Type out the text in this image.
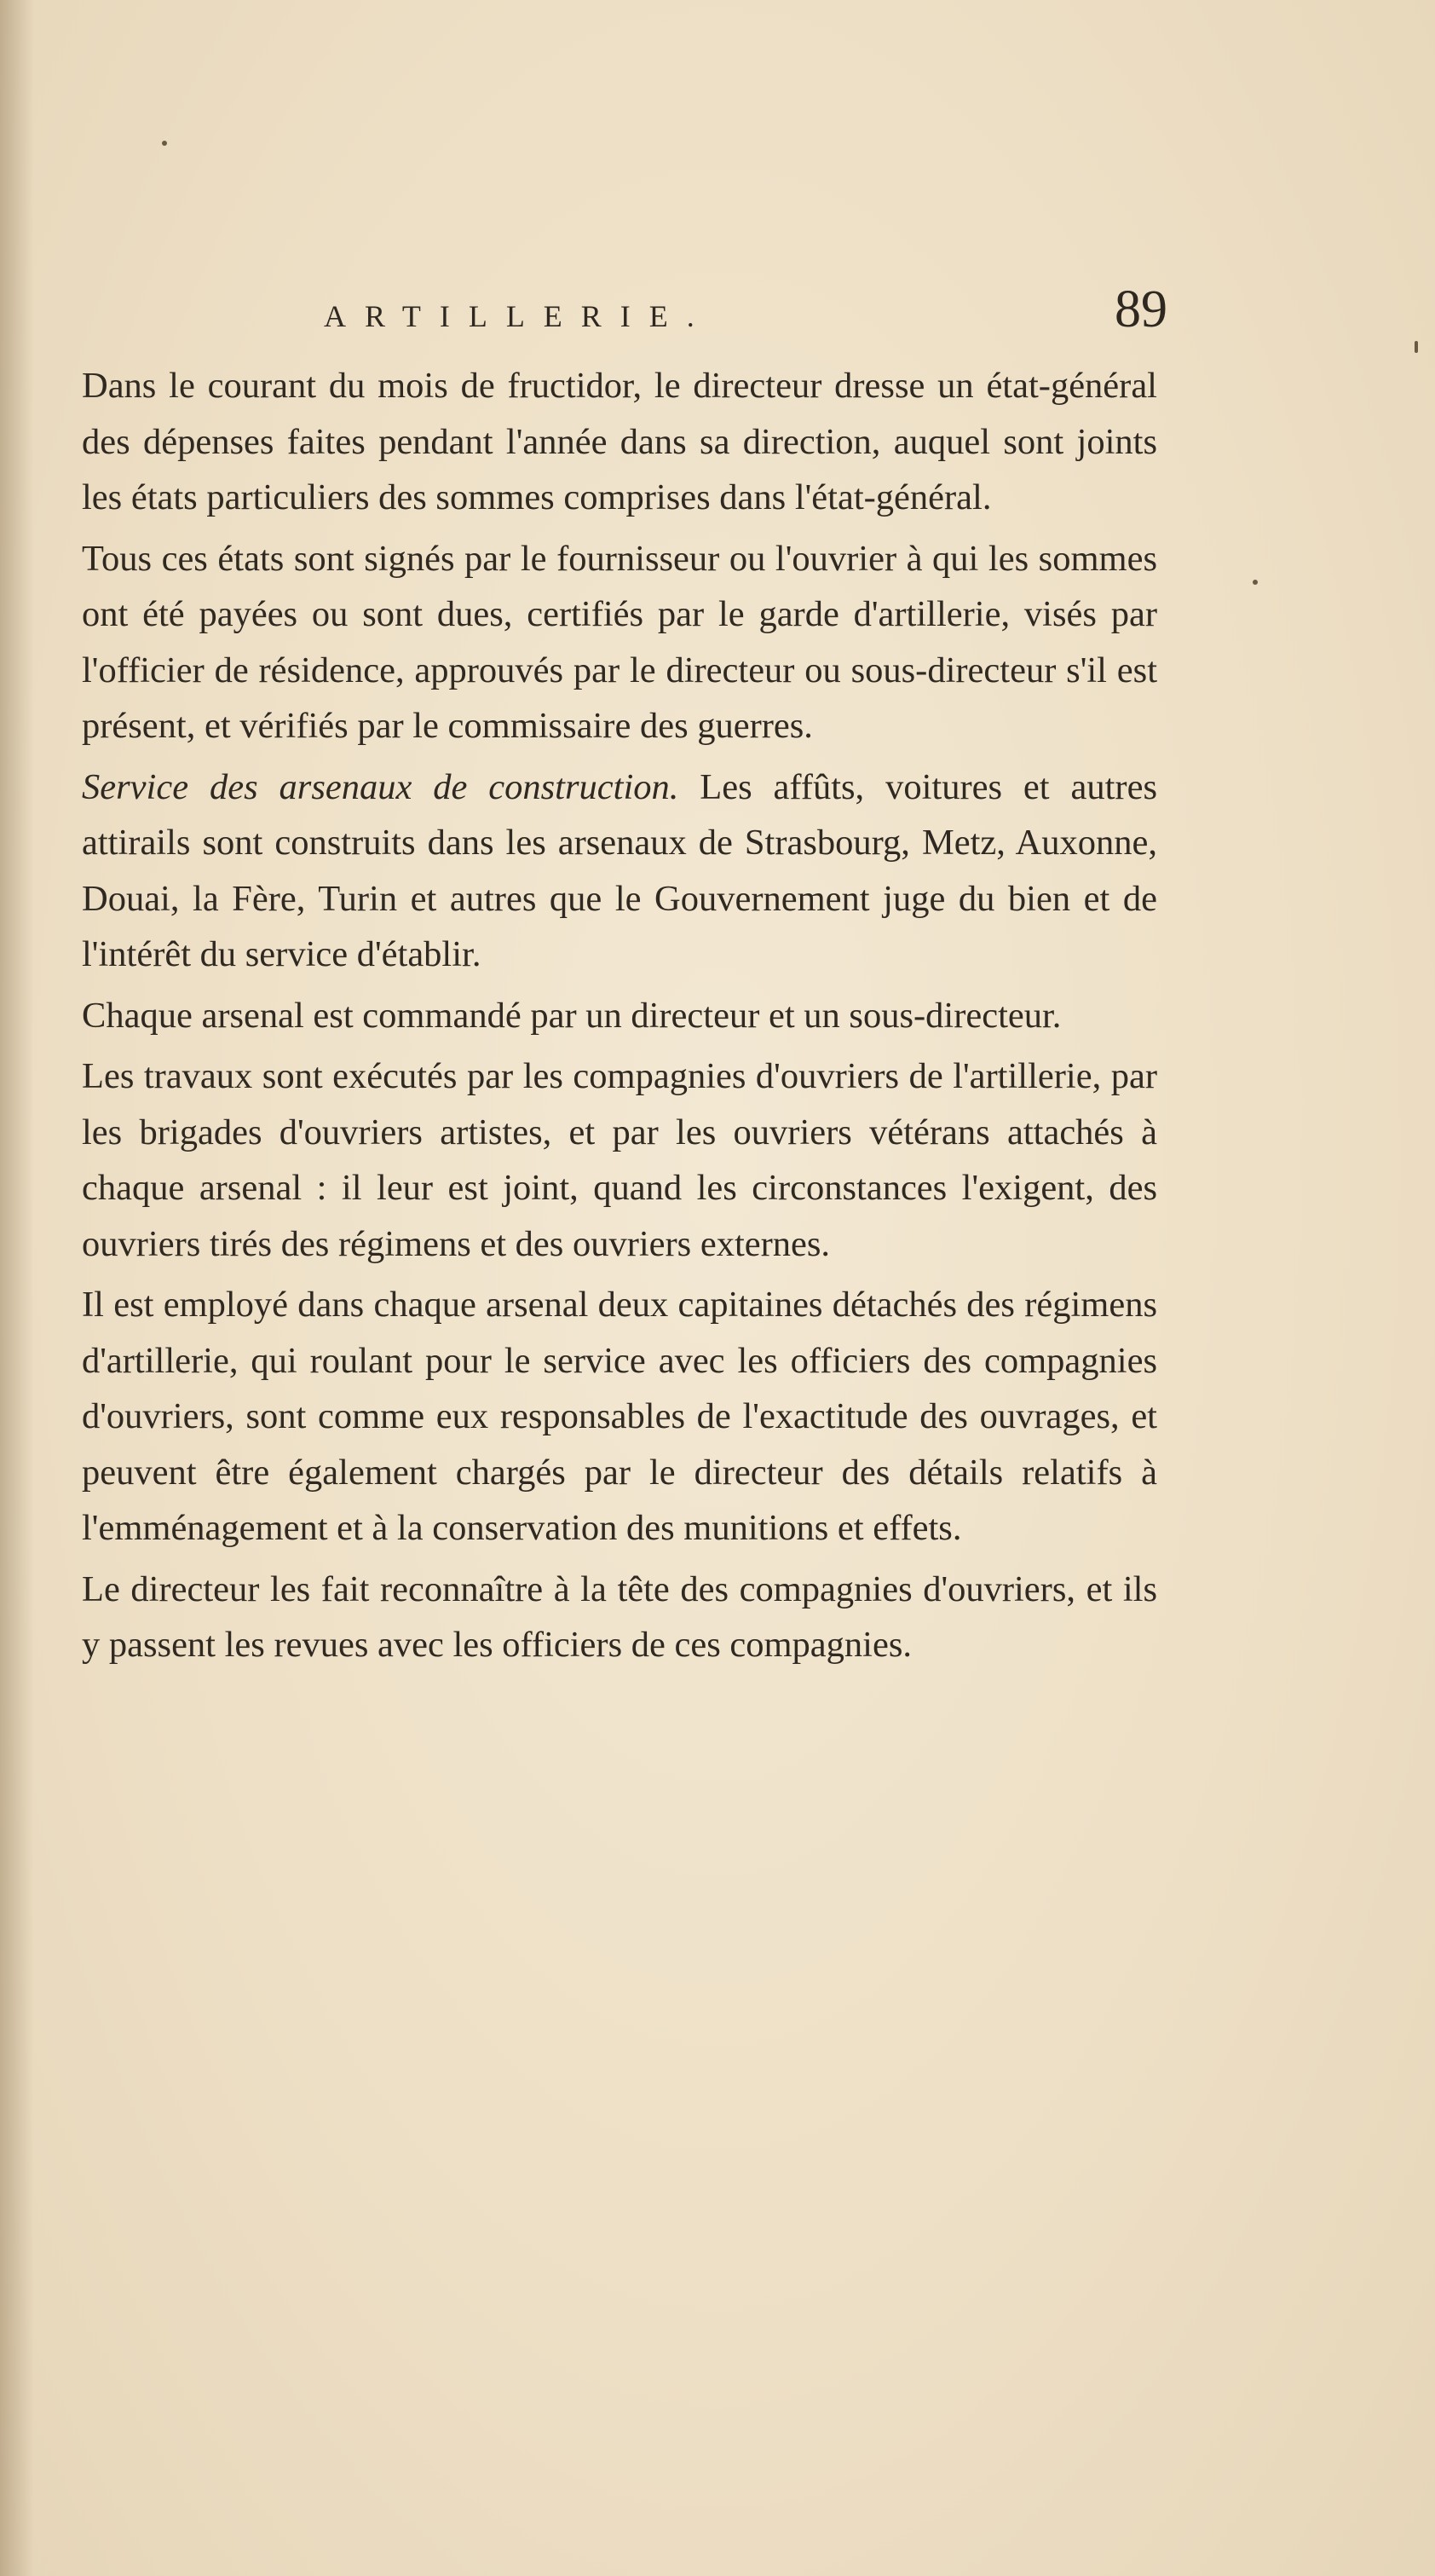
ARTILLERIE.	89

Dans le courant du mois de fructidor, le directeur dresse un état-général des dépenses faites pendant l'année dans sa direction, auquel sont joints les états particuliers des sommes comprises dans l'état-général.

Tous ces états sont signés par le fournisseur ou l'ouvrier à qui les sommes ont été payées ou sont dues, certifiés par le garde d'artillerie, visés par l'officier de résidence, approuvés par le directeur ou sous-directeur s'il est présent, et vérifiés par le commissaire des guerres.

Service des arsenaux de construction. Les affûts, voitures et autres attirails sont construits dans les arsenaux de Strasbourg, Metz, Auxonne, Douai, la Fère, Turin et autres que le Gouvernement juge du bien et de l'intérêt du service d'établir.

Chaque arsenal est commandé par un directeur et un sous-directeur.

Les travaux sont exécutés par les compagnies d'ouvriers de l'artillerie, par les brigades d'ouvriers artistes, et par les ouvriers vétérans attachés à chaque arsenal : il leur est joint, quand les circonstances l'exigent, des ouvriers tirés des régimens et des ouvriers externes.

Il est employé dans chaque arsenal deux capitaines détachés des régimens d'artillerie, qui roulant pour le service avec les officiers des compagnies d'ouvriers, sont comme eux responsables de l'exactitude des ouvrages, et peuvent être également chargés par le directeur des détails relatifs à l'emménagement et à la conservation des munitions et effets.

Le directeur les fait reconnaître à la tête des compagnies d'ouvriers, et ils y passent les revues avec les officiers de ces compagnies.
